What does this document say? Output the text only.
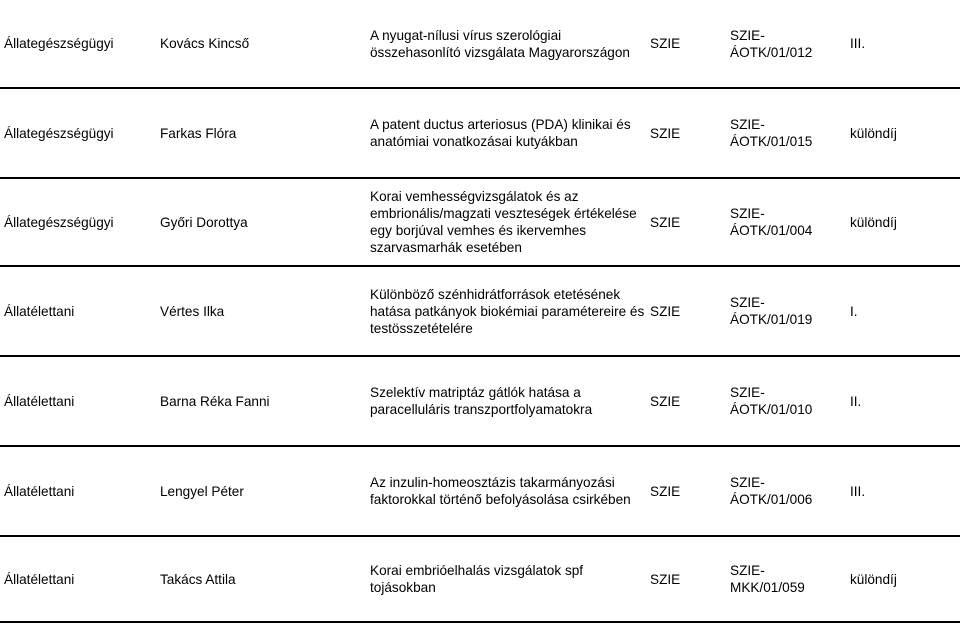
Állategészségügyi	Kovács Kincső	A nyugat-nílusi vírus szerológiai összehasonlító vizsgálata Magyarországon	SZIE	SZIE-
ÁOTK/01/012	III.
Állategészségügyi	Farkas Flóra	A patent ductus arteriosus (PDA) klinikai és anatómiai vonatkozásai kutyákban	SZIE	SZIE-
ÁOTK/01/015	különdíj
Állategészségügyi	Győri Dorottya	Korai vemhességvizsgálatok és az embrionális/magzati veszteségek értékelése egy borjúval vemhes és ikervemhes szarvasmarhák esetében	SZIE	SZIE-
ÁOTK/01/004	különdíj
Állatélettani	Vértes Ilka	Különböző szénhidrátforrások etetésének hatása patkányok biokémiai paramétereire és testösszetételére	SZIE	SZIE-
ÁOTK/01/019	I.
Állatélettani	Barna Réka Fanni	Szelektív matriptáz gátlók hatása a paracelluláris transzportfolyamatokra	SZIE	SZIE-
ÁOTK/01/010	II.
Állatélettani	Lengyel Péter	Az inzulin-homeosztázis takarmányozási faktorokkal történő befolyásolása csirkében	SZIE	SZIE-
ÁOTK/01/006	III.
Állatélettani	Takács Attila	Korai embrióelhalás vizsgálatok spf tojásokban	SZIE	SZIE-
MKK/01/059	különdíj
